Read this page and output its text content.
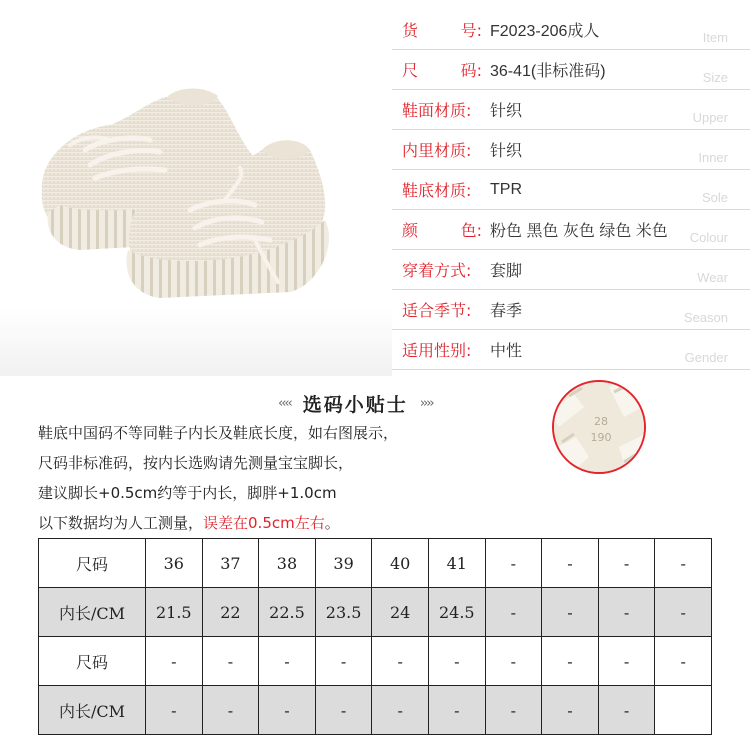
货	号: F2023-206成人	Item
尺	码: 36-41(非标准码)	Size
鞋面材质: 针织	Upper
内里材质: 针织	Inner
鞋底材质: TPR	Sole
颜	色: 粉色 黑色 灰色 绿色 米色 Colour
穿着方式: 套脚	Wear
适合季节: 春季	Season
适用性别: 中性	Gender
‹‹‹‹ 选码小贴士 ››››
鞋底中国码不等同鞋子内长及鞋底长度，如右图展示，
尺码非标准码，按内长选购请先测量宝宝脚长，
建议脚长+0.5cm约等于内长，脚胖+1.0cm
以下数据均为人工测量，误差在0.5cm左右。
28
190
尺码	36	37	38	39	40	41	-	-	-	-
内长/CM	21.5	22	22.5	23.5	24	24.5	-	-	-	-
尺码	-	-	-	-	-	-	-	-	-	-
内长/CM	-	-	-	-	-	-	-	-	-	
